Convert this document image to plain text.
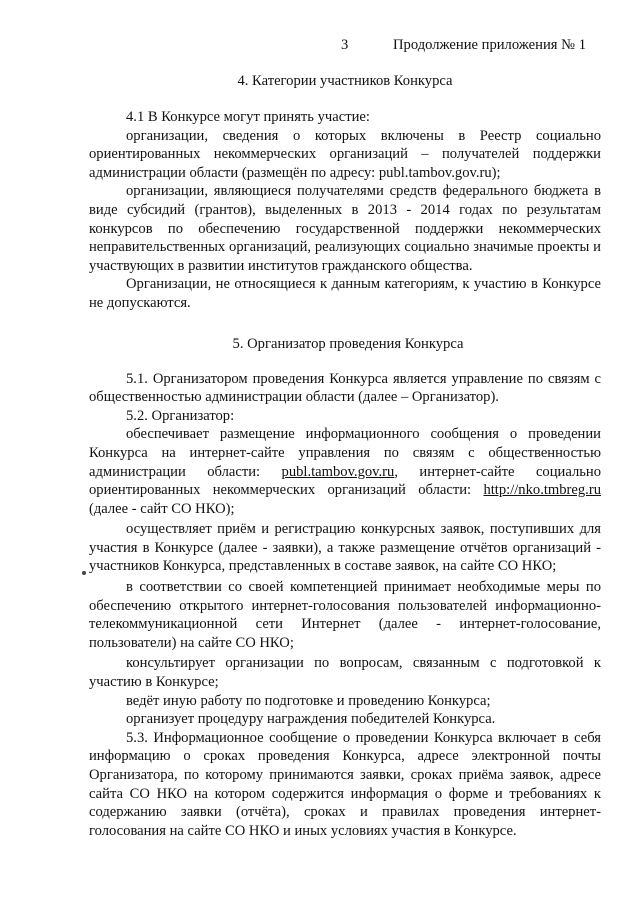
3	Продолжение приложения № 1
4. Категории участников Конкурса

4.1 В Конкурсе могут принять участие:

организации, сведения о которых включены в Реестр социально ориентированных некоммерческих организаций – получателей поддержки администрации области (размещён по адресу: publ.tambov.gov.ru);

организации, являющиеся получателями средств федерального бюджета в виде субсидий (грантов), выделенных в 2013 - 2014 годах по результатам конкурсов по обеспечению государственной поддержки некоммерческих неправительственных организаций, реализующих социально значимые проекты и участвующих в развитии институтов гражданского общества.

Организации, не относящиеся к данным категориям, к участию в Конкурсе не допускаются.

5. Организатор проведения Конкурса

5.1. Организатором проведения Конкурса является управление по связям с общественностью администрации области (далее – Организатор).

5.2. Организатор:

обеспечивает размещение информационного сообщения о проведении Конкурса на интернет-сайте управления по связям с общественностью администрации области: publ.tambov.gov.ru, интернет-сайте социально ориентированных некоммерческих организаций области: http://nko.tmbreg.ru (далее - сайт СО НКО);

осуществляет приём и регистрацию конкурсных заявок, поступивших для участия в Конкурсе (далее - заявки), а также размещение отчётов организаций - участников Конкурса, представленных в составе заявок, на сайте СО НКО;

в соответствии со своей компетенцией принимает необходимые меры по обеспечению открытого интернет-голосования пользователей информационно-телекоммуникационной сети Интернет (далее - интернет-голосование, пользователи) на сайте СО НКО;

консультирует организации по вопросам, связанным с подготовкой к участию в Конкурсе;

ведёт иную работу по подготовке и проведению Конкурса;

организует процедуру награждения победителей Конкурса.

5.3. Информационное сообщение о проведении Конкурса включает в себя информацию о сроках проведения Конкурса, адресе электронной почты Организатора, по которому принимаются заявки, сроках приёма заявок, адресе сайта СО НКО на котором содержится информация о форме и требованиях к содержанию заявки (отчёта), сроках и правилах проведения интернет-голосования на сайте СО НКО и иных условиях участия в Конкурсе.
